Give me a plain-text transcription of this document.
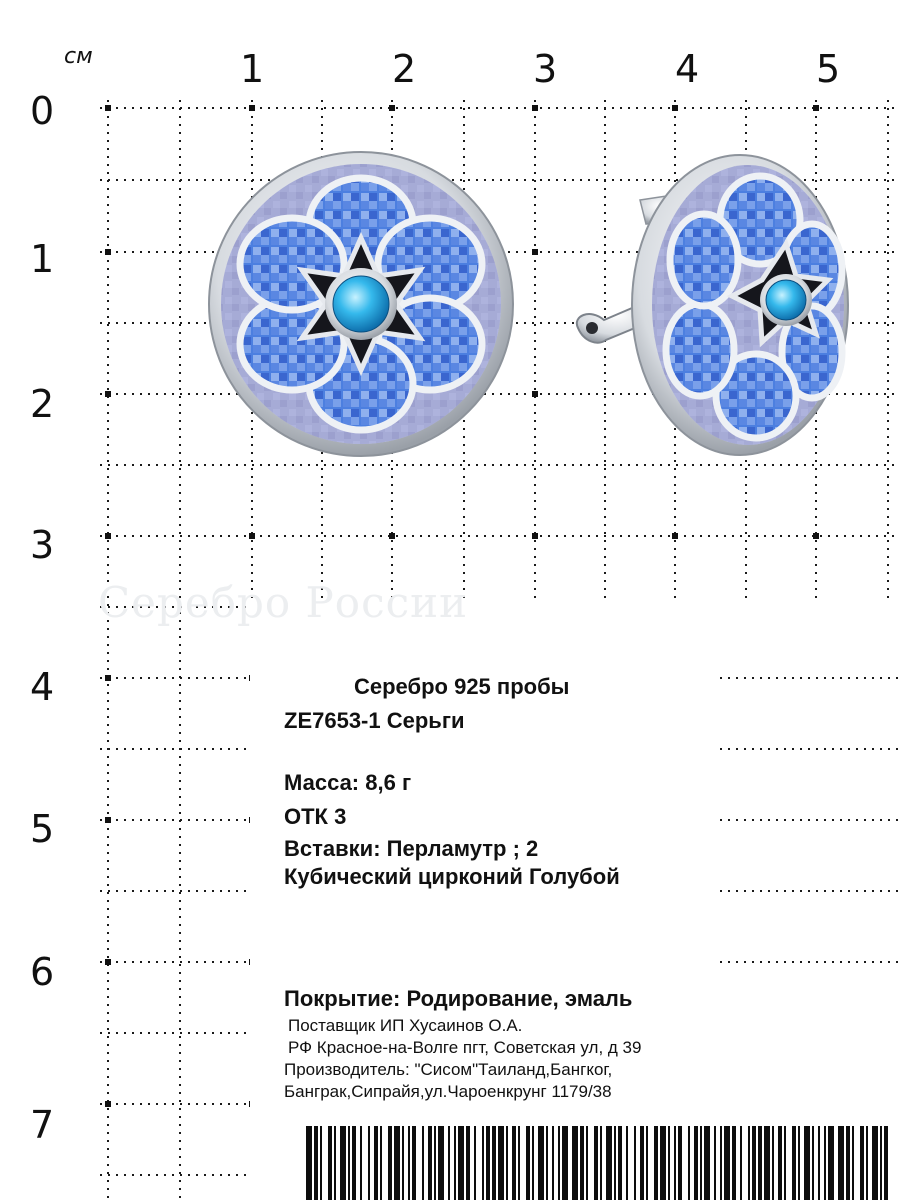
см	1	2	3	4	5
0
1
2
3
4
5
6
7
Серебро России
Серебро 925 пробы
ZE7653-1 Серьги
Масса: 8,6 г
ОТК 3
Вставки: Перламутр ; 2
Кубический цирконий Голубой
Покрытие: Родирование, эмаль
Поставщик ИП Хусаинов О.А.
РФ Красное-на-Волге пгт, Советская ул, д 39
Производитель: "Сисом"Таиланд,Бангког,
Банграк,Сипрайя,ул.Чароенкрунг 1179/38
